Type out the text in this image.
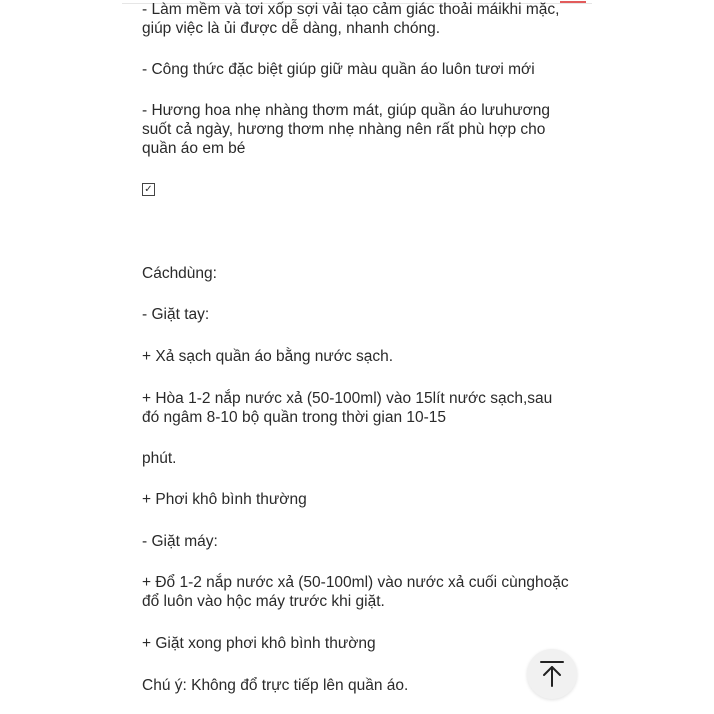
- Làm mềm và tơi xốp sợi vải tạo cảm giác thoải máikhi mặc,
giúp việc là ủi được dễ dàng, nhanh chóng.
- Công thức đặc biệt giúp giữ màu quần áo luôn tươi mới
- Hương hoa nhẹ nhàng thơm mát, giúp quần áo lưuhương
suốt cả ngày, hương thơm nhẹ nhàng nên rất phù hợp cho
quần áo em bé
✓
Cáchdùng:
- Giặt tay:
+ Xả sạch quần áo bằng nước sạch.
+ Hòa 1-2 nắp nước xả (50-100ml) vào 15lít nước sạch,sau
đó ngâm 8-10 bộ quần trong thời gian 10-15
phút.
+ Phơi khô bình thường
- Giặt máy:
+ Đổ 1-2 nắp nước xả (50-100ml) vào nước xả cuối cùnghoặc
đổ luôn vào hộc máy trước khi giặt.
+ Giặt xong phơi khô bình thường
Chú ý: Không đổ trực tiếp lên quần áo.
